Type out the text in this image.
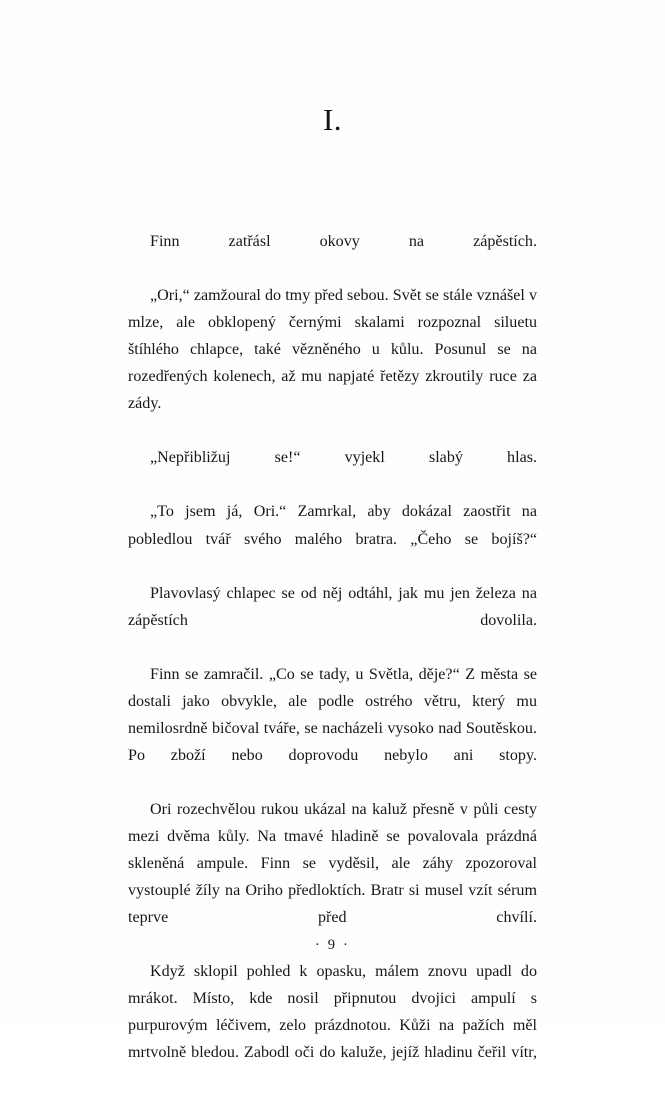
I.

Finn zatřásl okovy na zápěstích.

„Ori,“ zamžoural do tmy před sebou. Svět se stále vznášel v mlze, ale obklopený černými skalami rozpoznal siluetu štíhlého chlapce, také vězněného u kůlu. Posunul se na rozedřených kolenech, až mu napjaté řetězy zkroutily ruce za zády.

„Nepřibližuj se!“ vyjekl slabý hlas.

„To jsem já, Ori.“ Zamrkal, aby dokázal zaostřit na pobledlou tvář svého malého bratra. „Čeho se bojíš?“

Plavovlasý chlapec se od něj odtáhl, jak mu jen železa na zápěstích dovolila.

Finn se zamračil. „Co se tady, u Světla, děje?“ Z města se dostali jako obvykle, ale podle ostrého větru, který mu nemilosrdně bičoval tváře, se nacházeli vysoko nad Soutěskou. Po zboží nebo doprovodu nebylo ani stopy.

Ori rozechvělou rukou ukázal na kaluž přesně v půli cesty mezi dvěma kůly. Na tmavé hladině se povalovala prázdná skleněná ampule. Finn se vyděsil, ale záhy zpozoroval vystouplé žíly na Oriho předloktích. Bratr si musel vzít sérum teprve před chvílí.

Když sklopil pohled k opasku, málem znovu upadl do mrákot. Místo, kde nosil připnutou dvojici ampulí s purpurovým léčivem, zelo prázdnotou. Kůži na pažích měl mrtvolně bledou. Zabodl oči do kaluže, jejíž hladinu čeřil vítr,

· 9 ·
